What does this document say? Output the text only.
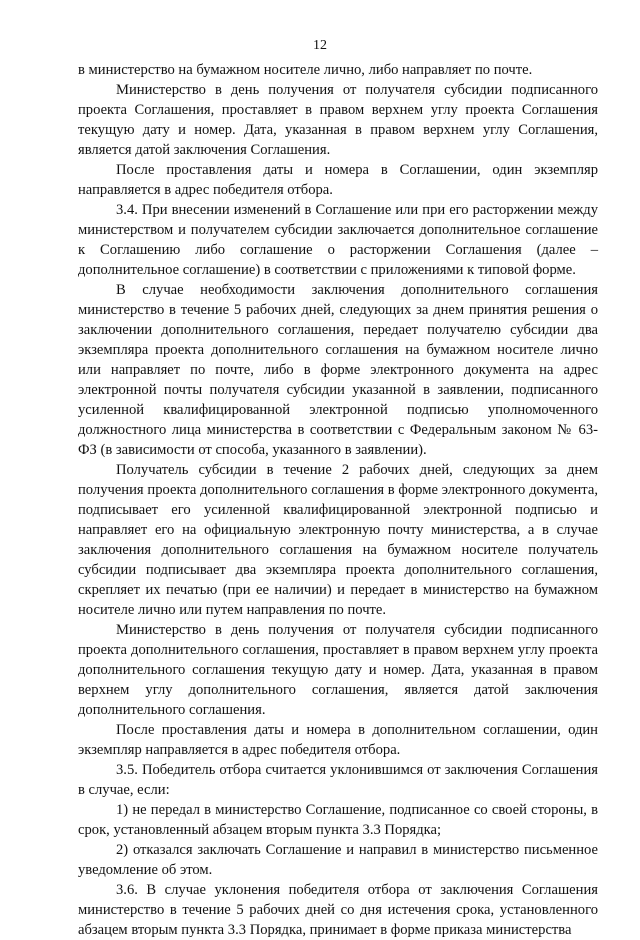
12

в министерство на бумажном носителе лично, либо направляет по почте.

Министерство в день получения от получателя субсидии подписанного проекта Соглашения, проставляет в правом верхнем углу проекта Соглашения текущую дату и номер. Дата, указанная в правом верхнем углу Соглашения, является датой заключения Соглашения.

После проставления даты и номера в Соглашении, один экземпляр направляется в адрес победителя отбора.

3.4. При внесении изменений в Соглашение или при его расторжении между министерством и получателем субсидии заключается дополнительное соглашение к Соглашению либо соглашение о расторжении Соглашения (далее – дополнительное соглашение) в соответствии с приложениями к типовой форме.

В случае необходимости заключения дополнительного соглашения министерство в течение 5 рабочих дней, следующих за днем принятия решения о заключении дополнительного соглашения, передает получателю субсидии два экземпляра проекта дополнительного соглашения на бумажном носителе лично или направляет по почте, либо в форме электронного документа на адрес электронной почты получателя субсидии указанной в заявлении, подписанного усиленной квалифицированной электронной подписью уполномоченного должностного лица министерства в соответствии с Федеральным законом № 63-ФЗ (в зависимости от способа, указанного в заявлении).

Получатель субсидии в течение 2 рабочих дней, следующих за днем получения проекта дополнительного соглашения в форме электронного документа, подписывает его усиленной квалифицированной электронной подписью и направляет его на официальную электронную почту министерства, а в случае заключения дополнительного соглашения на бумажном носителе получатель субсидии подписывает два экземпляра проекта дополнительного соглашения, скрепляет их печатью (при ее наличии) и передает в министерство на бумажном носителе лично или путем направления по почте.

Министерство в день получения от получателя субсидии подписанного проекта дополнительного соглашения, проставляет в правом верхнем углу проекта дополнительного соглашения текущую дату и номер. Дата, указанная в правом верхнем углу дополнительного соглашения, является датой заключения дополнительного соглашения.

После проставления даты и номера в дополнительном соглашении, один экземпляр направляется в адрес победителя отбора.

3.5. Победитель отбора считается уклонившимся от заключения Соглашения в случае, если:

1) не передал в министерство Соглашение, подписанное со своей стороны, в срок, установленный абзацем вторым пункта 3.3 Порядка;

2) отказался заключать Соглашение и направил в министерство письменное уведомление об этом.

3.6. В случае уклонения победителя отбора от заключения Соглашения министерство в течение 5 рабочих дней со дня истечения срока, установленного абзацем вторым пункта 3.3 Порядка, принимает в форме приказа министерства
